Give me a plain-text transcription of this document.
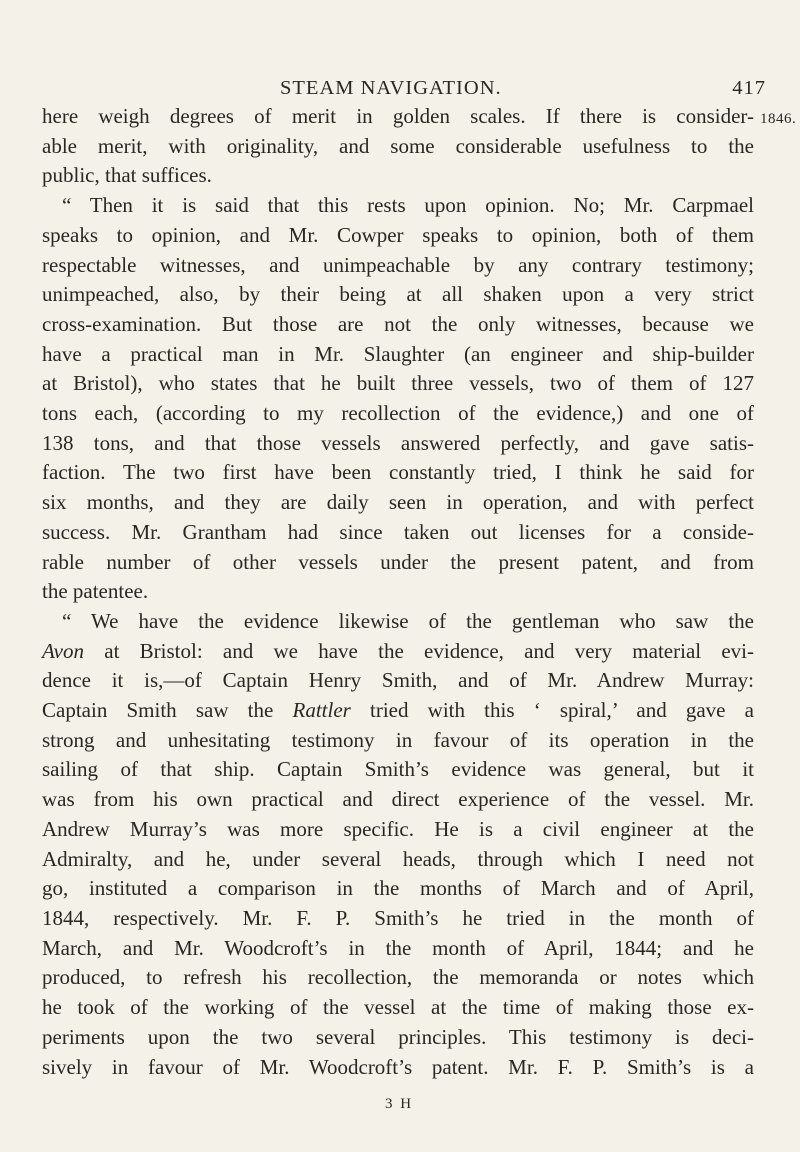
STEAM NAVIGATION.	417
1846.
here weigh degrees of merit in golden scales. If there is consider-
able merit, with originality, and some considerable usefulness to the
public, that suffices.
“ Then it is said that this rests upon opinion. No; Mr. Carpmael
speaks to opinion, and Mr. Cowper speaks to opinion, both of them
respectable witnesses, and unimpeachable by any contrary testimony;
unimpeached, also, by their being at all shaken upon a very strict
cross-examination. But those are not the only witnesses, because we
have a practical man in Mr. Slaughter (an engineer and ship-builder
at Bristol), who states that he built three vessels, two of them of 127
tons each, (according to my recollection of the evidence,) and one of
138 tons, and that those vessels answered perfectly, and gave satis-
faction. The two first have been constantly tried, I think he said for
six months, and they are daily seen in operation, and with perfect
success. Mr. Grantham had since taken out licenses for a conside-
rable number of other vessels under the present patent, and from
the patentee.
“ We have the evidence likewise of the gentleman who saw the
Avon at Bristol: and we have the evidence, and very material evi-
dence it is,—of Captain Henry Smith, and of Mr. Andrew Murray:
Captain Smith saw the Rattler tried with this ‘ spiral,’ and gave a
strong and unhesitating testimony in favour of its operation in the
sailing of that ship. Captain Smith’s evidence was general, but it
was from his own practical and direct experience of the vessel. Mr.
Andrew Murray’s was more specific. He is a civil engineer at the
Admiralty, and he, under several heads, through which I need not
go, instituted a comparison in the months of March and of April,
1844, respectively. Mr. F. P. Smith’s he tried in the month of
March, and Mr. Woodcroft’s in the month of April, 1844; and he
produced, to refresh his recollection, the memoranda or notes which
he took of the working of the vessel at the time of making those ex-
periments upon the two several principles. This testimony is deci-
sively in favour of Mr. Woodcroft’s patent. Mr. F. P. Smith’s is a
3 H
